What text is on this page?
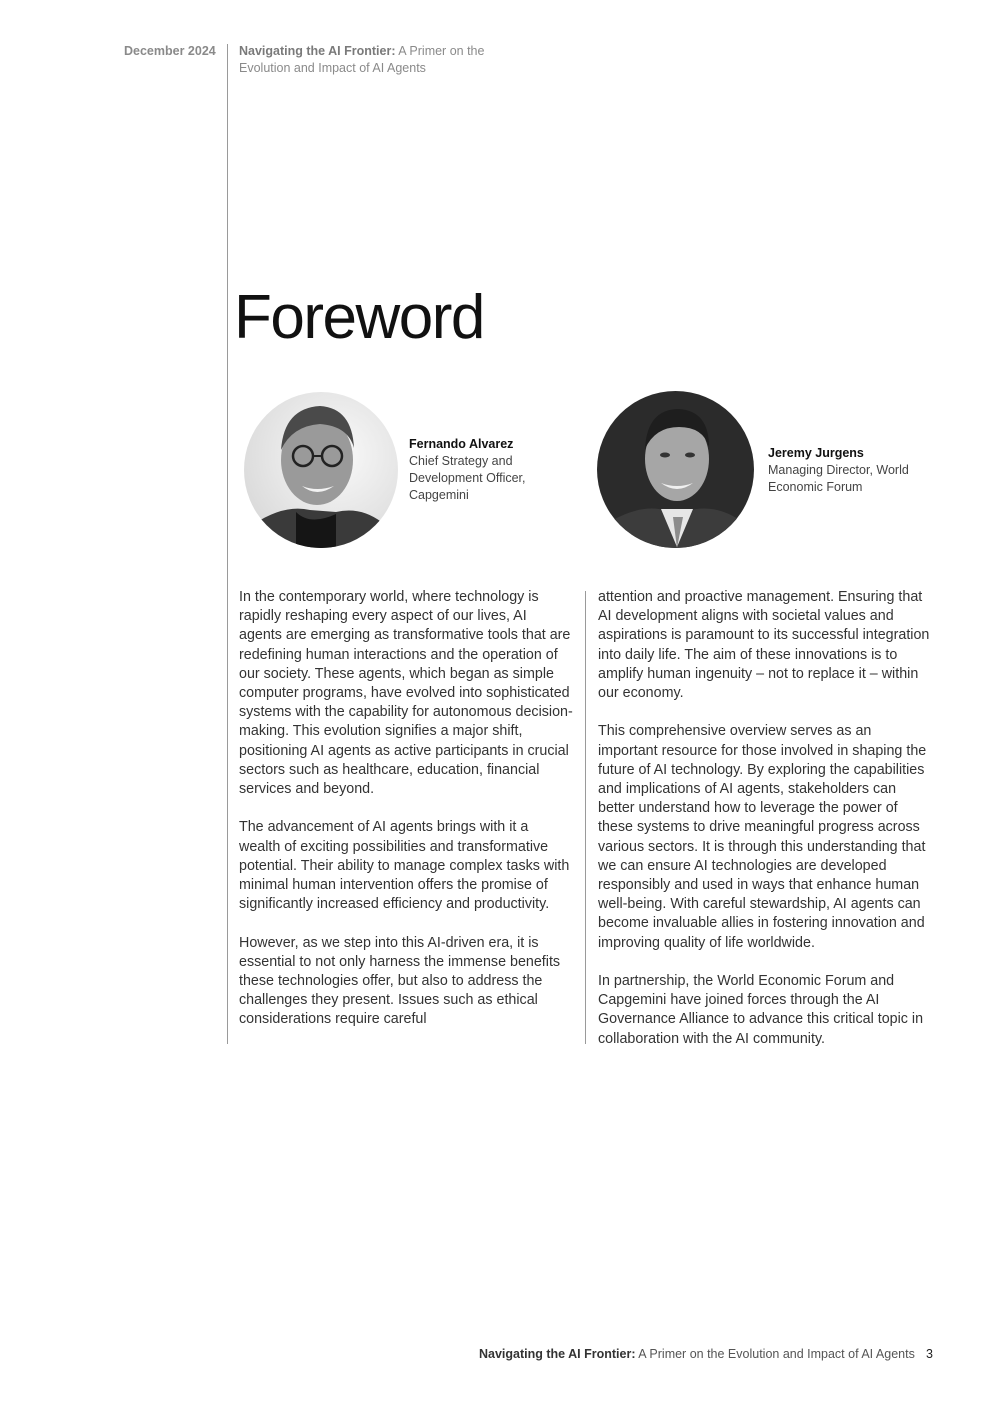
December 2024 Navigating the AI Frontier: A Primer on the Evolution and Impact of AI Agents
Foreword
Fernando Alvarez
Chief Strategy and Development Officer, Capgemini
Jeremy Jurgens
Managing Director, World Economic Forum

In the contemporary world, where technology is rapidly reshaping every aspect of our lives, AI agents are emerging as transformative tools that are redefining human interactions and the operation of our society. These agents, which began as simple computer programs, have evolved into sophisticated systems with the capability for autonomous decision-making. This evolution signifies a major shift, positioning AI agents as active participants in crucial sectors such as healthcare, education, financial services and beyond.

The advancement of AI agents brings with it a wealth of exciting possibilities and transformative potential. Their ability to manage complex tasks with minimal human intervention offers the promise of significantly increased efficiency and productivity.

However, as we step into this AI-driven era, it is essential to not only harness the immense benefits these technologies offer, but also to address the challenges they present. Issues such as ethical considerations require careful

attention and proactive management. Ensuring that AI development aligns with societal values and aspirations is paramount to its successful integration into daily life. The aim of these innovations is to amplify human ingenuity – not to replace it – within our economy.

This comprehensive overview serves as an important resource for those involved in shaping the future of AI technology. By exploring the capabilities and implications of AI agents, stakeholders can better understand how to leverage the power of these systems to drive meaningful progress across various sectors. It is through this understanding that we can ensure AI technologies are developed responsibly and used in ways that enhance human well-being. With careful stewardship, AI agents can become invaluable allies in fostering innovation and improving quality of life worldwide.

In partnership, the World Economic Forum and Capgemini have joined forces through the AI Governance Alliance to advance this critical topic in collaboration with the AI community.

Navigating the AI Frontier: A Primer on the Evolution and Impact of AI Agents 3
